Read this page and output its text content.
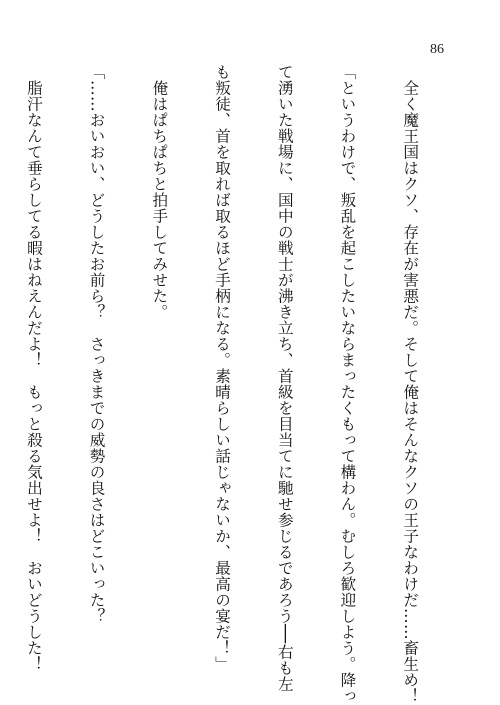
86

　全く魔王国はクソ、存在が害悪だ。そして俺はそんなクソの王子なわけだ……畜生め！

「というわけで、叛乱を起こしたいならまったくもって構わん。むしろ歓迎しよう。降っ

て湧いた戦場に、国中の戦士が沸き立ち、首級を目当てに馳せ参じるであろう──右も左

も叛徒、首を取れば取るほど手柄になる。素晴らしい話じゃないか、最高の宴だ！」

　俺はぱちぱちと拍手してみせた。

「……おいおい、どうしたお前ら？　さっきまでの威勢の良さはどこいった？

　脂汗なんて垂らしてる暇はねえんだよ！　もっと殺る気出せよ！　おいどうした！
